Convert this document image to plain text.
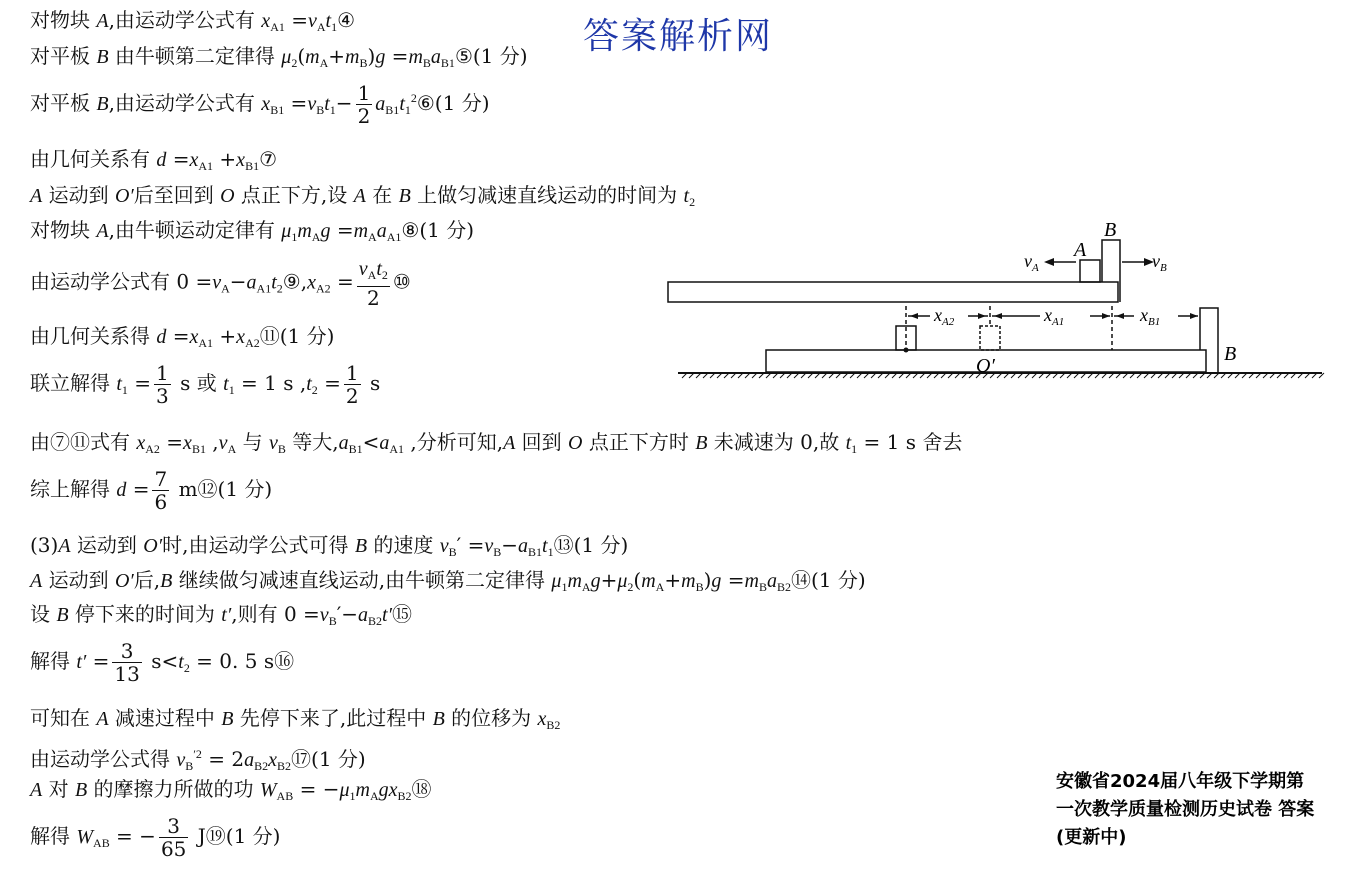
答案解析网
对物块 A,由运动学公式有 $x_{A1}$ $=v_At_1④$
对平板 B 由牛顿第二定律得 $\mu_2(m_A+m_B)g$ $=m_Ba_{B1}⑤(1$ 分)
对平板 B,由运动学公式有 $x_{B1} =v_Bt_1- \frac{1}{2}$ $a_{B1}t_1^2⑥(1$ 分)
由几何关系有 $d =x_{A1}$ $+x_{B1}⑦$
A 运动到 O′后至回到 O 点正下方,设 A 在 B 上做匀减速直线运动的时间为 $t_2$
对物块 A,由牛顿运动定律有 $\mu_1m_Ag$ $=m_Aa_{A1}⑧(1$ 分)
由运动学公式有 $0 =v_A-a_{A1}t_2⑨,x_{A2} = \frac{v_At_2}{2}$ ⑩
由几何关系得 $d =x_{A1}$ $+x_{A2}⑪(1$ 分)
联立解得 $t_1 = \frac{1}{3}$ s 或 $t_1 = 1$ s $,t_2 = \frac{1}{2}$ s
由⑦⑪式有 $x_{A2} =x_{B1}$ $,v_A$ 与 $v_B$ 等大$,a_{B1}<a_{A1}$ ,分析可知,A 回到 O 点正下方时 B 未减速为 0,故 $t_1 = 1$ s 舍去
综上解得 $d = \frac{7}{6}$ m⑫(1 分)
(3)A 运动到 O′时,由运动学公式可得 B 的速度 $v_B'$ $=v_B-a_{B1}t_1⑬(1$ 分)
A 运动到 O′后,B 继续做匀减速直线运动,由牛顿第二定律得 $\mu_1m_Ag+\mu_2(m_A+m_B)g$ $=m_Ba_{B2}⑭(1$ 分)
设 B 停下来的时间为 t′,则有 $0 =v_B'-a_{B2}t'⑮$
解得 $t' = \frac{3}{13} s<t_2 = 0$. 5 s⑯
可知在 A 减速过程中 B 先停下来了,此过程中 B 的位移为 $x_{B2}$
由运动学公式得 $v_B^{'2}$ = $2a_{B2}x_{B2}⑰(1$ 分)
A 对 B 的摩擦力所做的功 $W_{AB}$ = $-\mu_1m_Agx_{B2}⑱$
解得 $W_{AB}$ = − $\frac{3}{65}$ J⑲(1 分)
安徽省2024届八年级下学期第
一次教学质量检测历史试卷 答案
(更新中)
B
A
$v_A$	$v_B$
$x_{A2}$	$x_{A1}$	$x_{B1}$
O′
B
